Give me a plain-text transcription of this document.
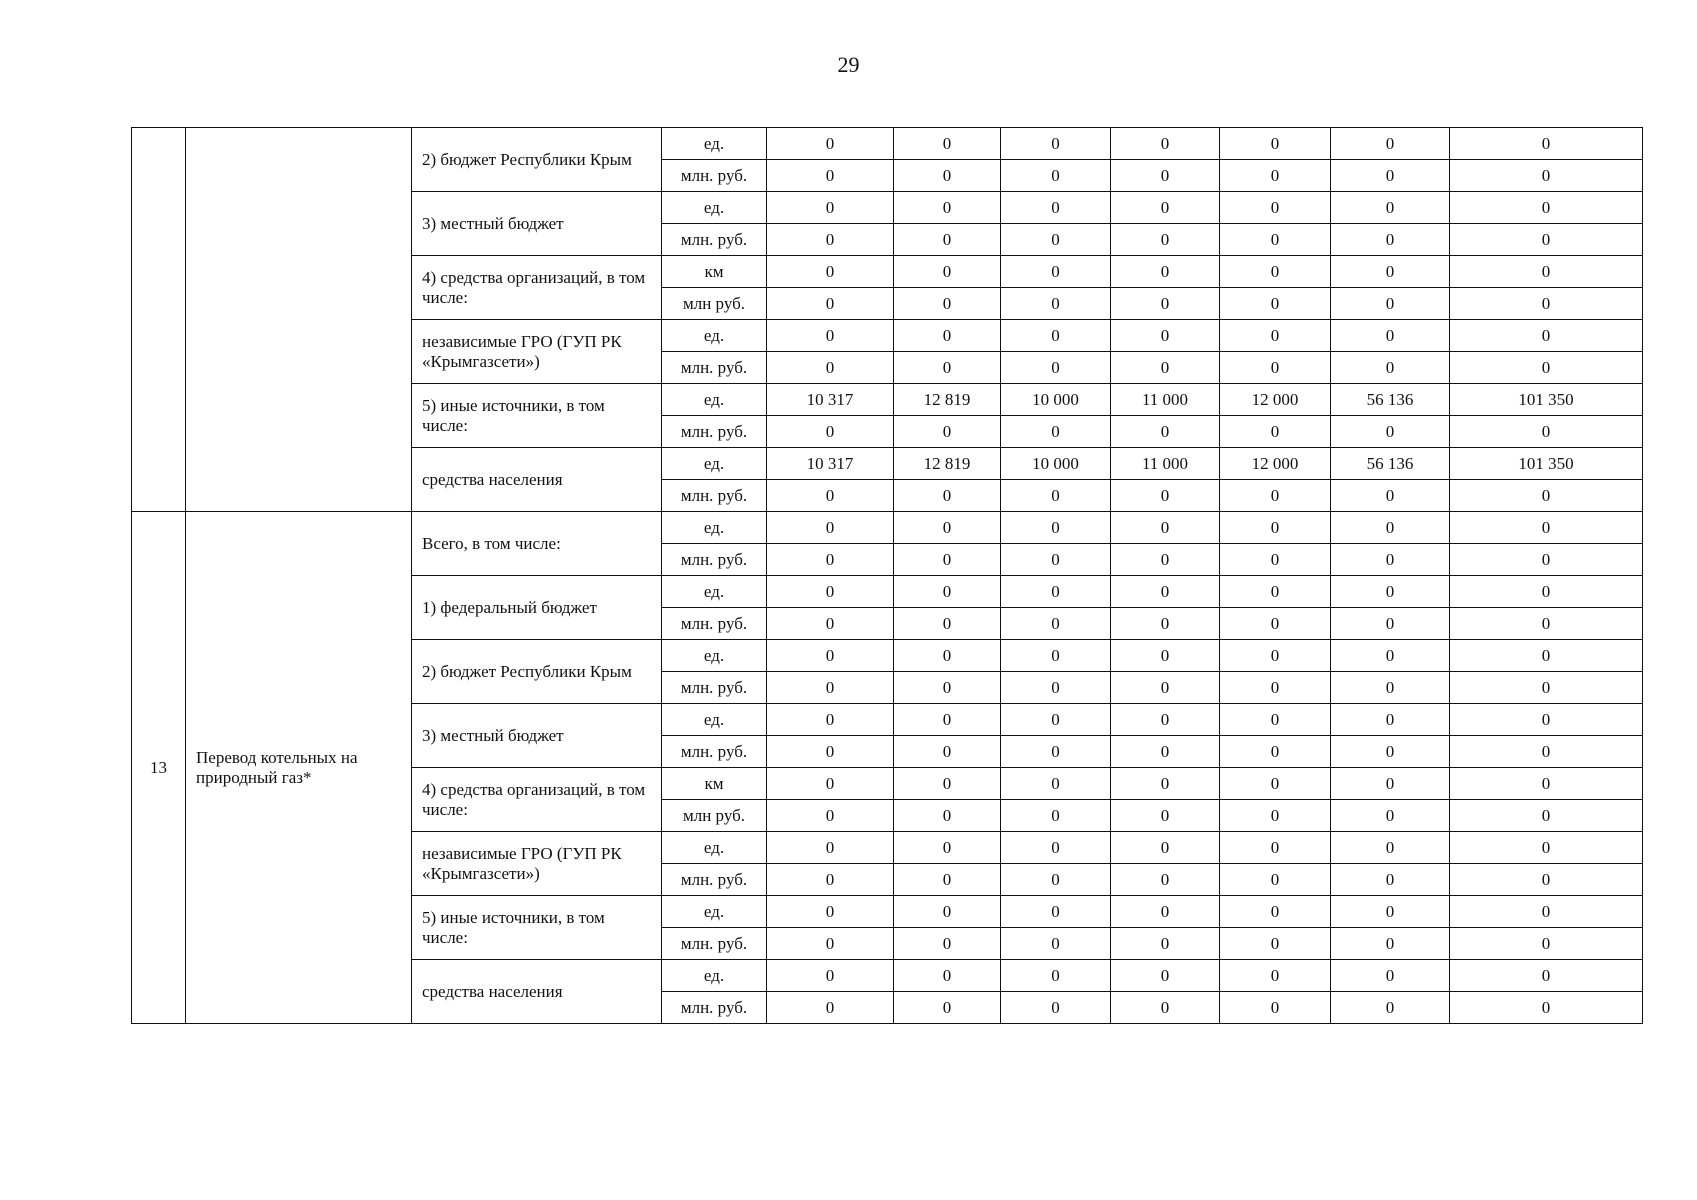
29
		2) бюджет Республики Крым	ед.	0	0	0	0	0	0	0
			млн. руб.	0	0	0	0	0	0	0
		3) местный бюджет	ед.	0	0	0	0	0	0	0
			млн. руб.	0	0	0	0	0	0	0
		4) средства организаций, в том числе:	км	0	0	0	0	0	0	0
			млн руб.	0	0	0	0	0	0	0
		независимые ГРО (ГУП РК «Крымгазсети»)	ед.	0	0	0	0	0	0	0
			млн. руб.	0	0	0	0	0	0	0
		5) иные источники, в том числе:	ед.	10 317	12 819	10 000	11 000	12 000	56 136	101 350
			млн. руб.	0	0	0	0	0	0	0
		средства населения	ед.	10 317	12 819	10 000	11 000	12 000	56 136	101 350
			млн. руб.	0	0	0	0	0	0	0
13	Перевод котельных на природный газ*	Всего, в том числе:	ед.	0	0	0	0	0	0	0
			млн. руб.	0	0	0	0	0	0	0
		1) федеральный бюджет	ед.	0	0	0	0	0	0	0
			млн. руб.	0	0	0	0	0	0	0
		2) бюджет Республики Крым	ед.	0	0	0	0	0	0	0
			млн. руб.	0	0	0	0	0	0	0
		3) местный бюджет	ед.	0	0	0	0	0	0	0
			млн. руб.	0	0	0	0	0	0	0
		4) средства организаций, в том числе:	км	0	0	0	0	0	0	0
			млн руб.	0	0	0	0	0	0	0
		независимые ГРО (ГУП РК «Крымгазсети»)	ед.	0	0	0	0	0	0	0
			млн. руб.	0	0	0	0	0	0	0
		5) иные источники, в том числе:	ед.	0	0	0	0	0	0	0
			млн. руб.	0	0	0	0	0	0	0
		средства населения	ед.	0	0	0	0	0	0	0
			млн. руб.	0	0	0	0	0	0	0
